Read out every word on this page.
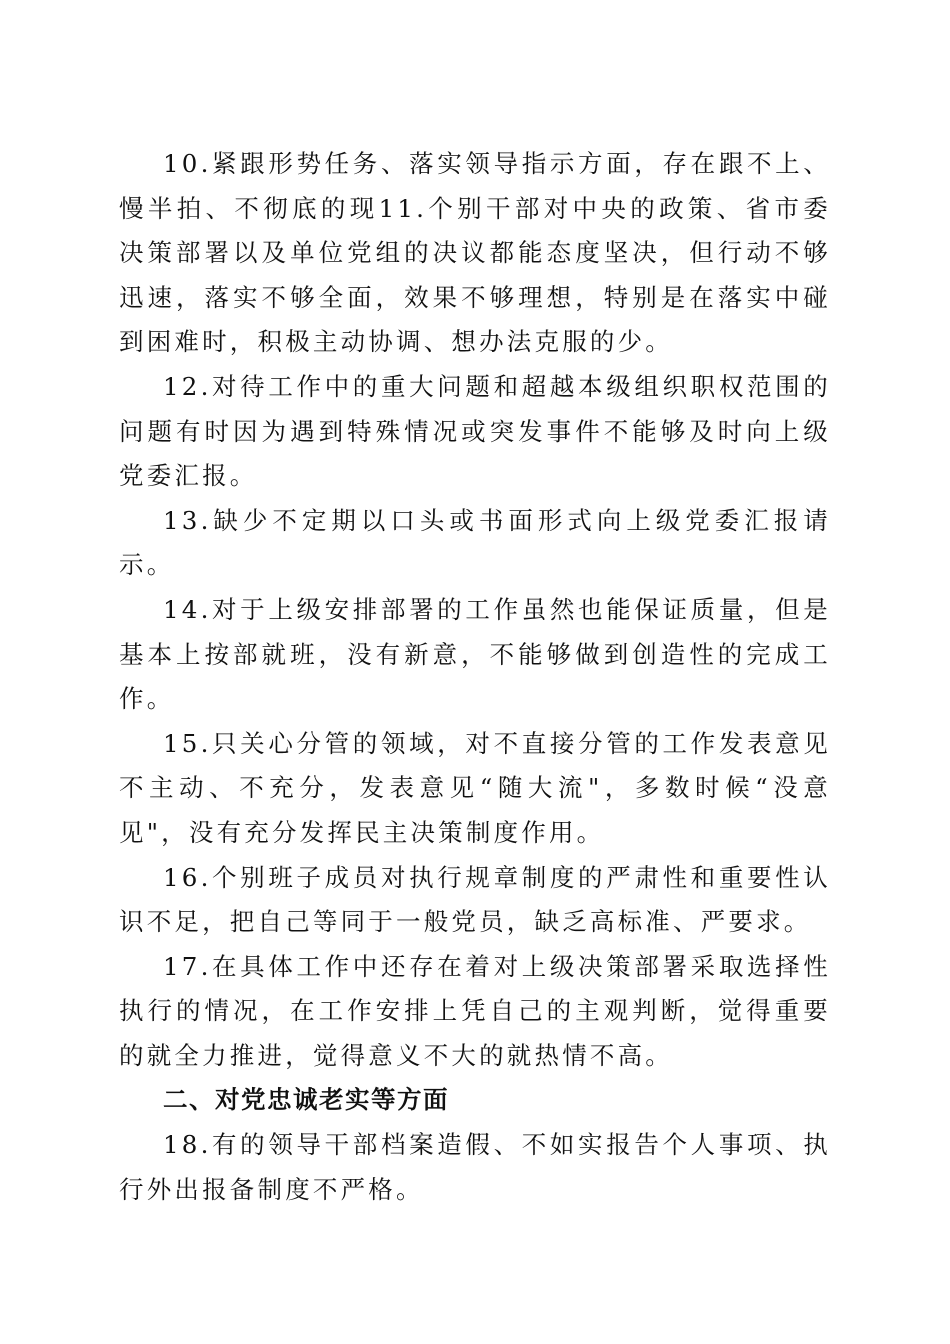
10.紧跟形势任务、落实领导指示方面，存在跟不上、慢半拍、不彻底的现11.个别干部对中央的政策、省市委决策部署以及单位党组的决议都能态度坚决，但行动不够迅速，落实不够全面，效果不够理想，特别是在落实中碰到困难时，积极主动协调、想办法克服的少。

12.对待工作中的重大问题和超越本级组织职权范围的问题有时因为遇到特殊情况或突发事件不能够及时向上级党委汇报。

13.缺少不定期以口头或书面形式向上级党委汇报请示。

14.对于上级安排部署的工作虽然也能保证质量，但是基本上按部就班，没有新意，不能够做到创造性的完成工作。

15.只关心分管的领域，对不直接分管的工作发表意见不主动、不充分，发表意见“随大流"，多数时候“没意见"，没有充分发挥民主决策制度作用。

16.个别班子成员对执行规章制度的严肃性和重要性认识不足，把自己等同于一般党员，缺乏高标准、严要求。

17.在具体工作中还存在着对上级决策部署采取选择性执行的情况，在工作安排上凭自己的主观判断，觉得重要的就全力推进，觉得意义不大的就热情不高。

二、对党忠诚老实等方面

18.有的领导干部档案造假、不如实报告个人事项、执行外出报备制度不严格。
